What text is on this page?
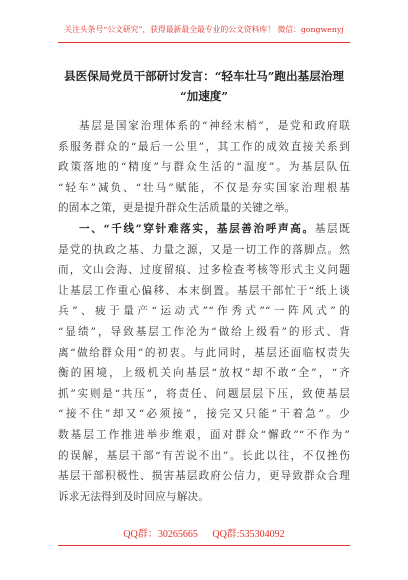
关注头条号“公文研究”，获得最新最全最专业的公文资料库！ 微信：gongwenyj
县医保局党员干部研讨发言：“轻车壮马”跑出基层治理
“加速度”
基层是国家治理体系的“神经末梢”，是党和政府联
系服务群众的“最后一公里”，其工作的成效直接关系到
政策落地的“精度”与群众生活的“温度”。为基层队伍
“轻车”减负、“壮马”赋能，不仅是夯实国家治理根基
的固本之策，更是提升群众生活质量的关键之举。
一、“千线”穿针难落实，基层善治呼声高。基层既
是党的执政之基、力量之源，又是一切工作的落脚点。然
而，文山会海、过度留痕、过多检查考核等形式主义问题
让基层工作重心偏移、本末倒置。基层干部忙于“纸上谈
兵”、疲于量产“运动式”“作秀式”“一阵风式”的
“显绩”，导致基层工作沦为“做给上级看”的形式、背
离“做给群众用”的初衷。与此同时，基层还面临权责失
衡的困境，上级机关向基层“放权”却不敢“全”，“齐
抓”实则是“共压”，将责任、问题层层下压，致使基层
“接不住”却又“必须接”，接完又只能“干着急”。少
数基层工作推进举步维艰，面对群众“懈政”“不作为”
的误解，基层干部“有苦说不出”。长此以往，不仅挫伤
基层干部积极性、损害基层政府公信力，更导致群众合理
诉求无法得到及时回应与解决。
QQ群：30265665 QQ群:535304092
